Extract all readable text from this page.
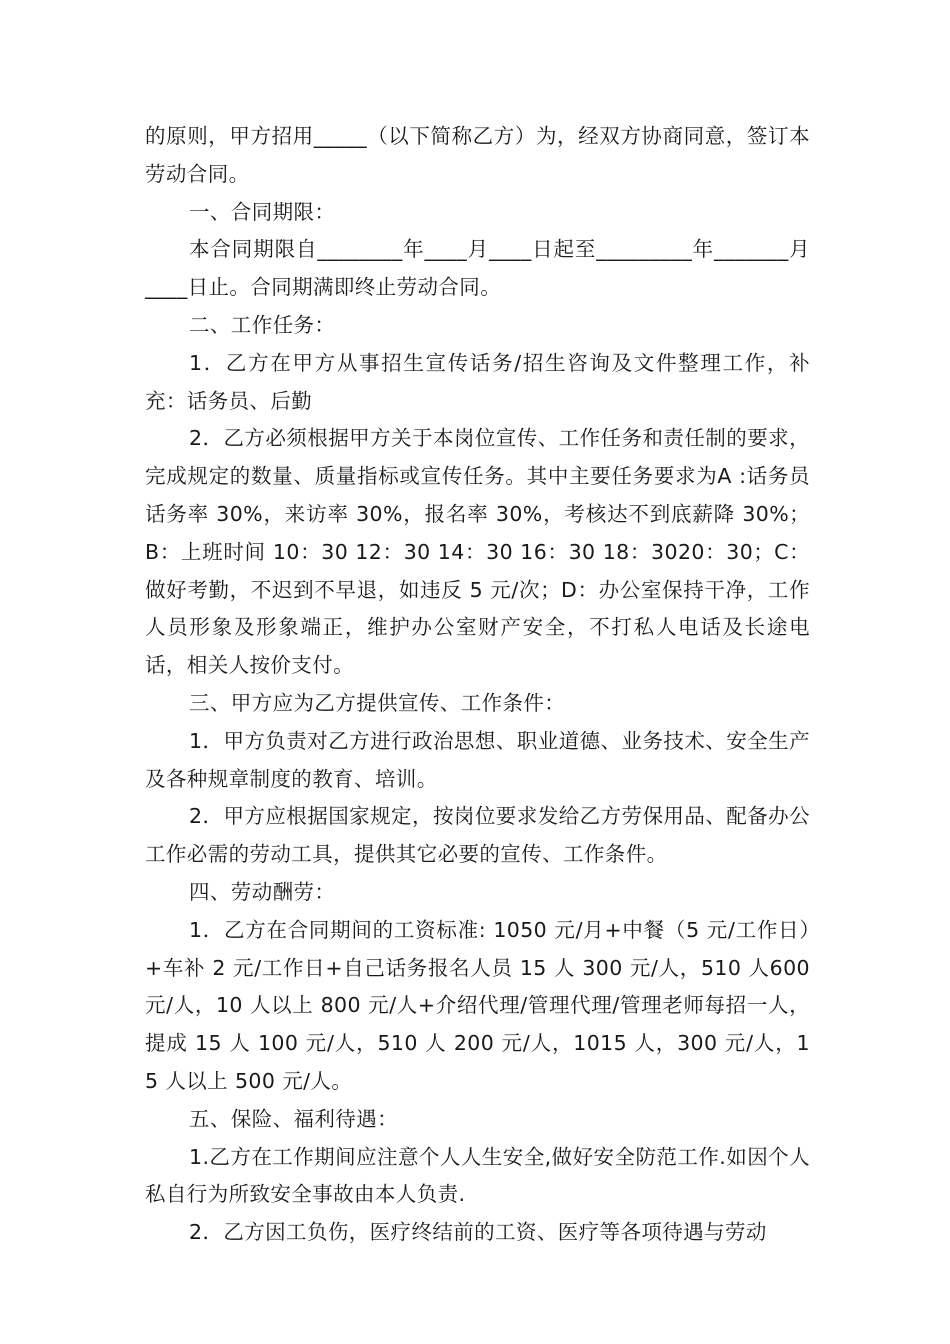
的原则，甲方招用_____（以下简称乙方）为，经双方协商同意，签订本劳动合同。

一、合同期限：

本合同期限自________年____月____日起至_________年_______月____日止。合同期满即终止劳动合同。

二、工作任务：

1．乙方在甲方从事招生宣传话务/招生咨询及文件整理工作，补充：话务员、后勤

2．乙方必须根据甲方关于本岗位宣传、工作任务和责任制的要求，完成规定的数量、质量指标或宣传任务。其中主要任务要求为A :话务员话务率 30%，来访率 30%，报名率 30%，考核达不到底薪降 30%；B：上班时间 10：30 12：30 14：30 16：30 18：3020：30；C：做好考勤，不迟到不早退，如违反 5 元/次；D：办公室保持干净，工作人员形象及形象端正，维护办公室财产安全，不打私人电话及长途电话，相关人按价支付。

三、甲方应为乙方提供宣传、工作条件：

1．甲方负责对乙方进行政治思想、职业道德、业务技术、安全生产及各种规章制度的教育、培训。

2．甲方应根据国家规定，按岗位要求发给乙方劳保用品、配备办公工作必需的劳动工具，提供其它必要的宣传、工作条件。

四、劳动酬劳：

1．乙方在合同期间的工资标准: 1050 元/月+中餐（5 元/工作日）+车补 2 元/工作日+自己话务报名人员 15 人 300 元/人，510 人600 元/人，10 人以上 800 元/人+介绍代理/管理代理/管理老师每招一人，提成 15 人 100 元/人，510 人 200 元/人，1015 人，300 元/人，15 人以上 500 元/人。

五、保险、福利待遇：

1.乙方在工作期间应注意个人人生安全,做好安全防范工作.如因个人私自行为所致安全事故由本人负责.

2．乙方因工负伤，医疗终结前的工资、医疗等各项待遇与劳动
